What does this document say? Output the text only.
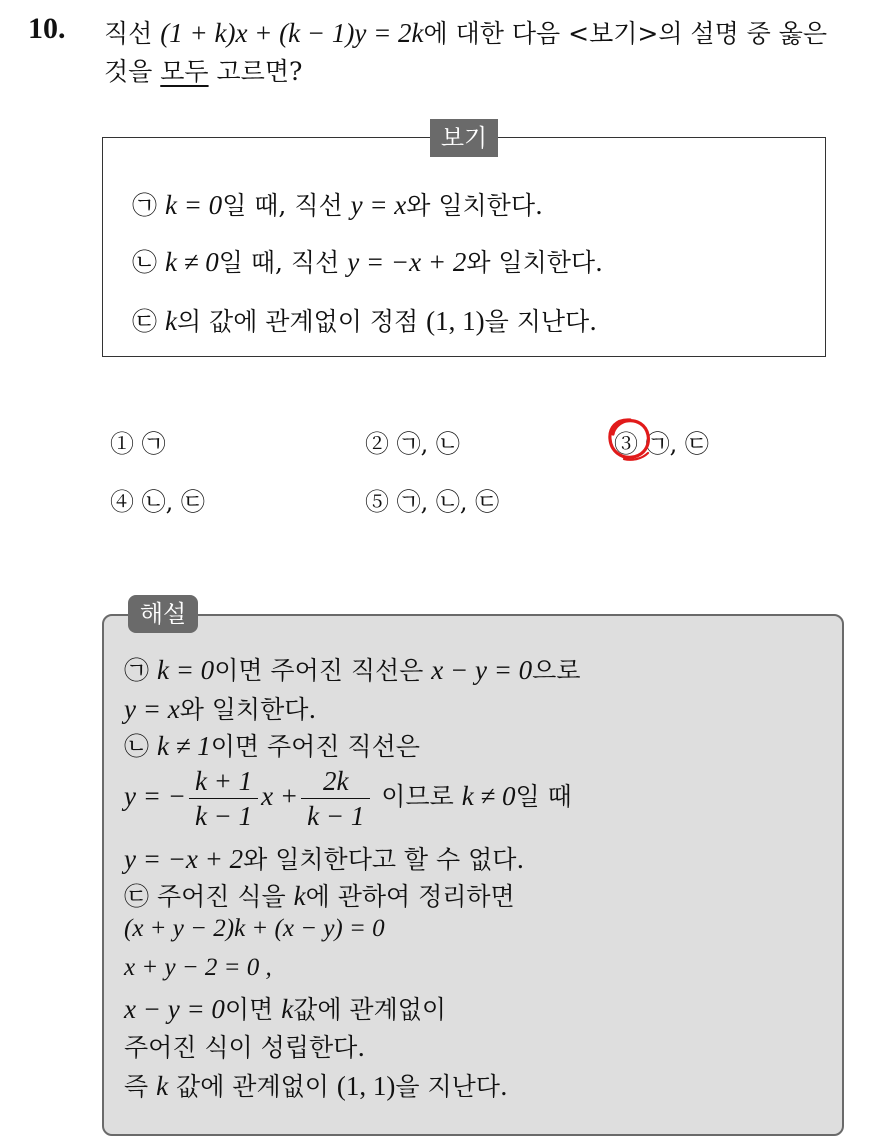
10. 직선 (1 + k)x + (k − 1)y = 2k에 대한 다음 <보기>의 설명 중 옳은
것을 모두 고르면?
보기
㉠ k = 0일 때, 직선 y = x와 일치한다.
㉡ k ≠ 0일 때, 직선 y = −x + 2와 일치한다.
㉢ k의 값에 관계없이 정점 (1, 1)을 지난다.
① ㉠	② ㉠, ㉡	③ ㉠, ㉢
④ ㉡, ㉢	⑤ ㉠, ㉡, ㉢
해설
㉠ k = 0이면 주어진 직선은 x − y = 0으로
y = x와 일치한다.
㉡ k ≠ 1이면 주어진 직선은
y = − $\frac{k + 1}{k - 1}$ $x + \frac{2k}{k - 1}$ 이므로 k ≠ 0일 때
y = −x + 2와 일치한다고 할 수 없다.
㉢ 주어진 식을 k에 관하여 정리하면
(x + y − 2)k + (x − y) = 0
x + y − 2 = 0 ,
x − y = 0이면 k값에 관계없이
주어진 식이 성립한다.
즉 k 값에 관계없이 (1, 1)을 지난다.
